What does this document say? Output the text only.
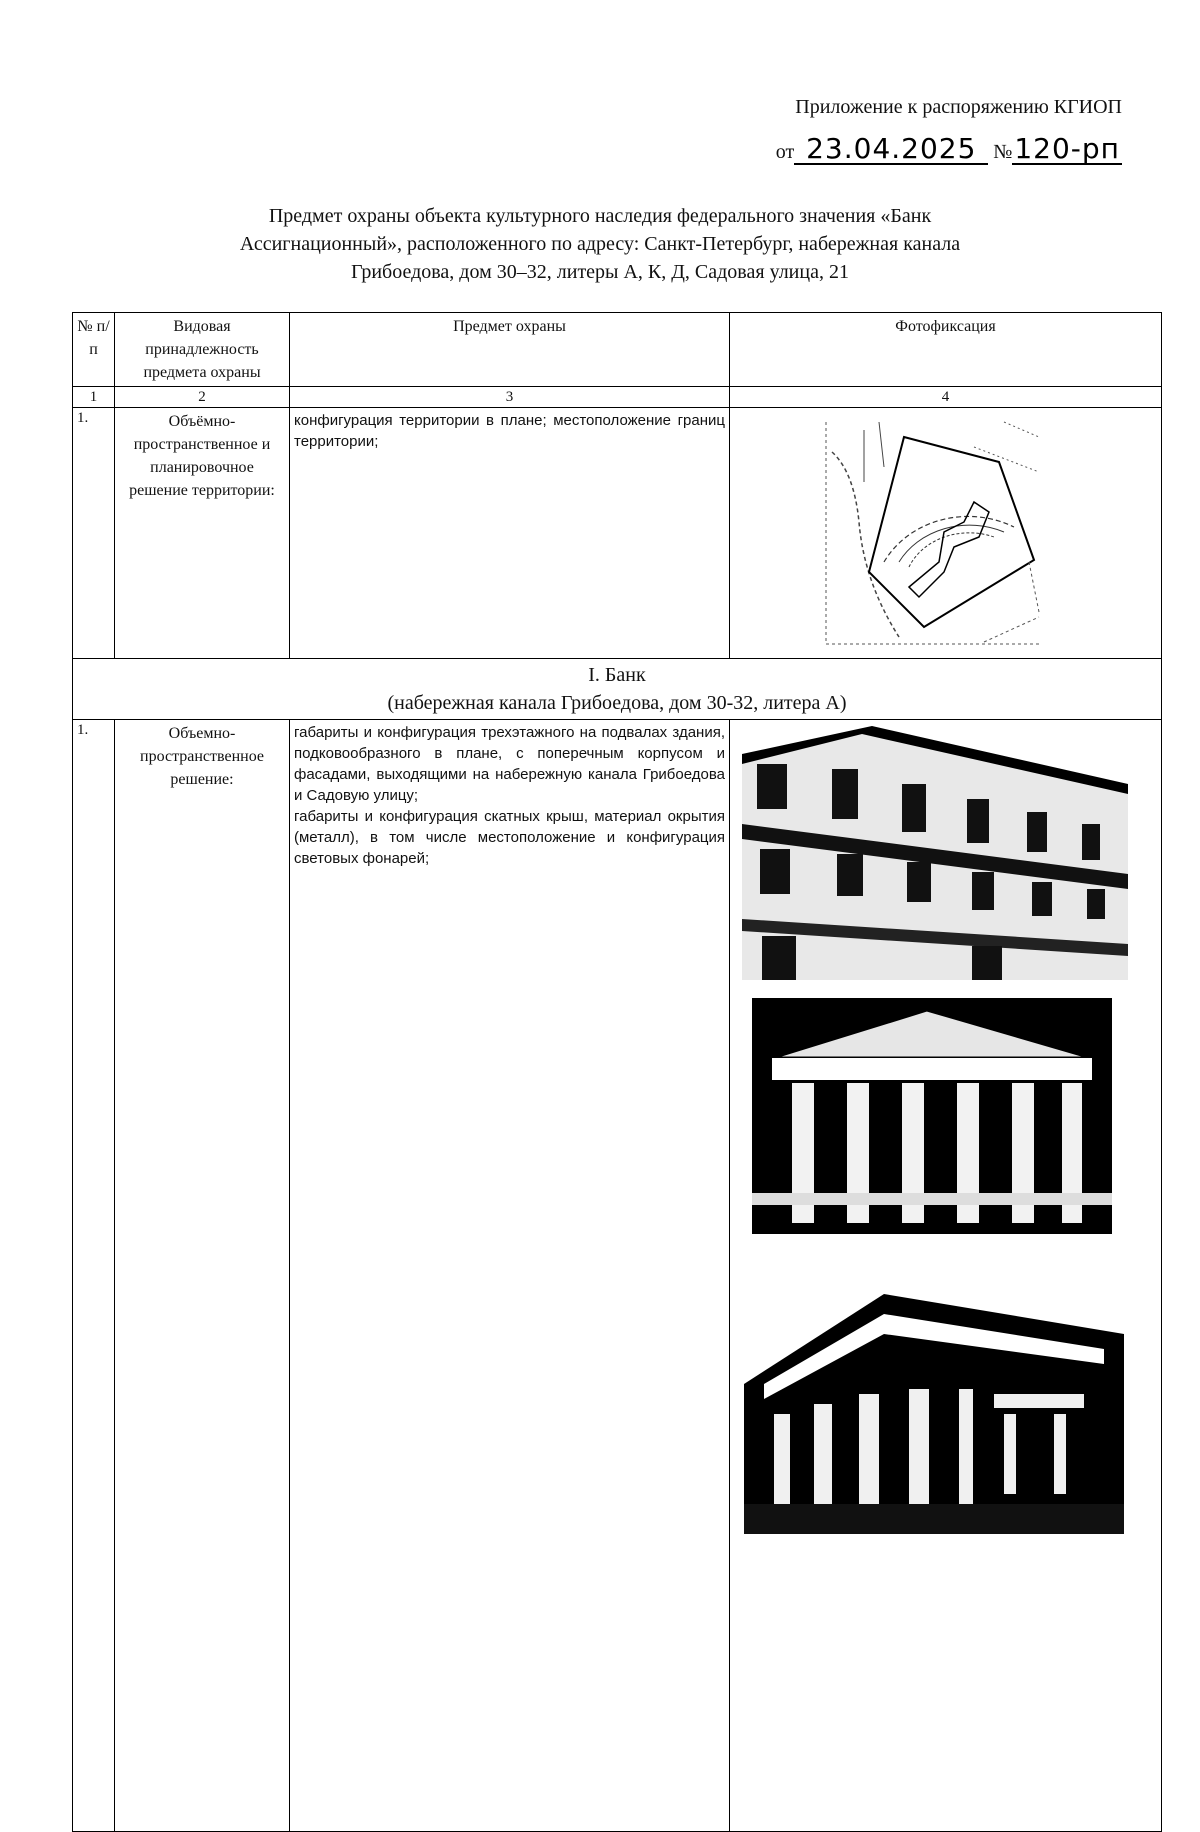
Приложение к распоряжению КГИОП
от 23.04.2025 №120-рп
Предмет охраны объекта культурного наследия федерального значения «Банк
Ассигнационный», расположенного по адресу: Санкт-Петербург, набережная канала
Грибоедова, дом 30–32, литеры А, К, Д, Садовая улица, 21
№ п/п	Видовая принадлежность предмета охраны	Предмет охраны	Фотофиксация
1	2	3	4
1.	Объёмно-пространственное и планировочное решение территории:	конфигурация территории в плане; местоположение границ территории;	

I. Банк
(набережная канала Грибоедова, дом 30-32, литера А)			

1.	Объемно-пространственное решение:	габариты и конфигурация трехэтажного на подвалах здания, подковообразного в плане, с поперечным корпусом и фасадами, выходящими на набережную канала Грибоедова и Садовую улицу;

габариты и конфигурация скатных крыш, материал окрытия (металл), в том числе местоположение и конфигурация световых фонарей;
